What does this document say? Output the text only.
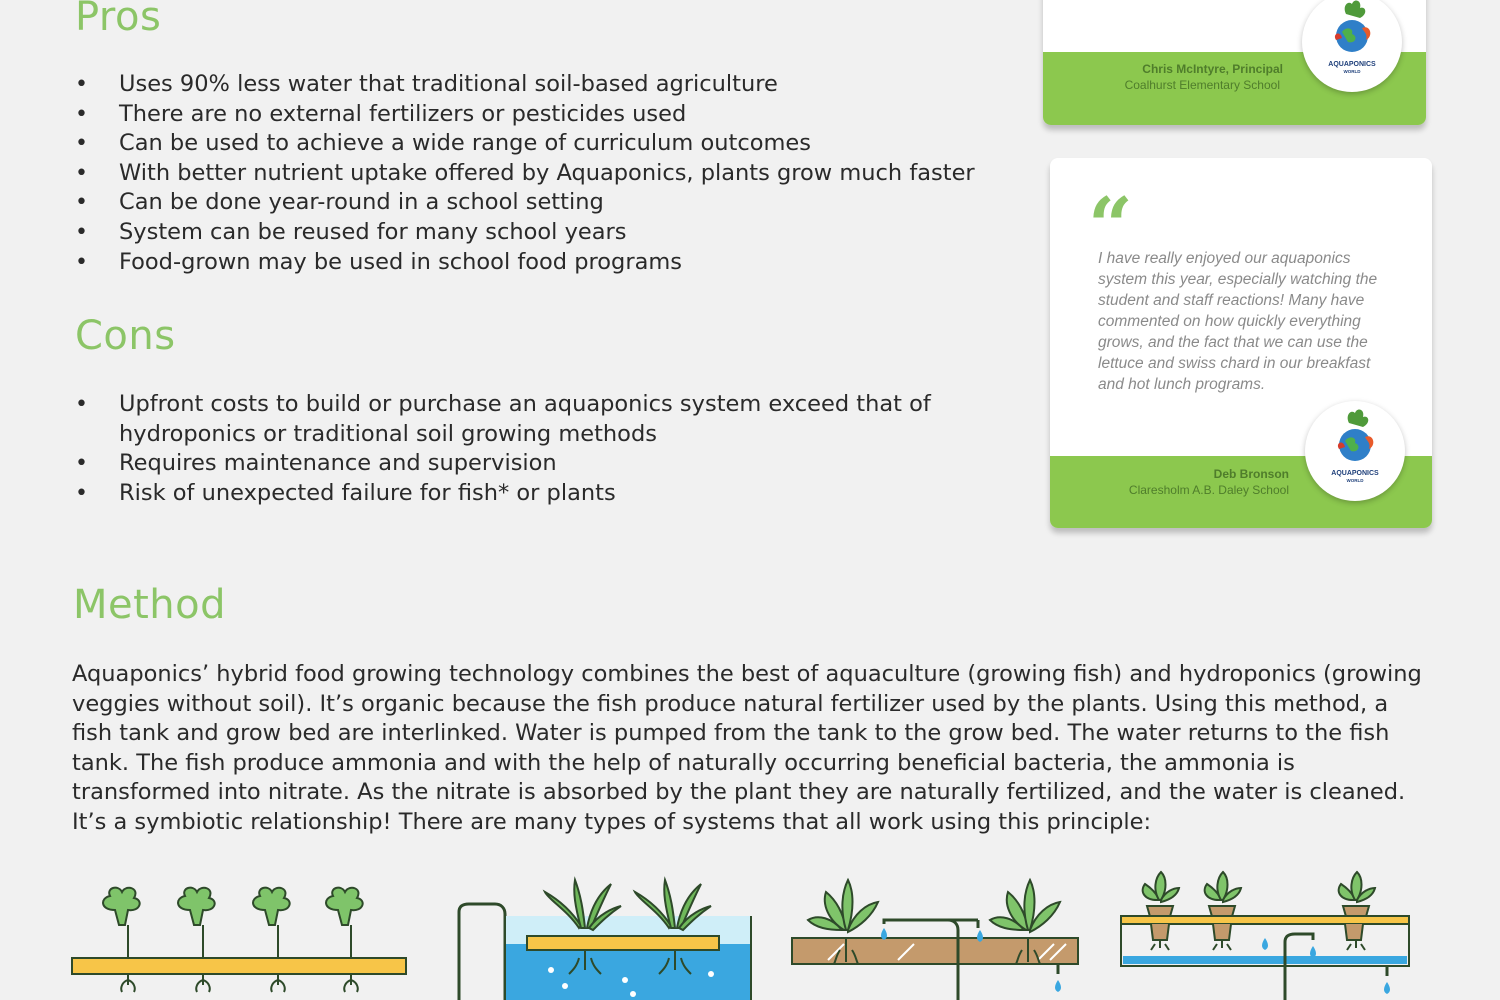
Pros
• Uses 90% less water that traditional soil-based agriculture
• There are no external fertilizers or pesticides used
• Can be used to achieve a wide range of curriculum outcomes
• With better nutrient uptake offered by Aquaponics, plants grow much faster
• Can be done year-round in a school setting
• System can be reused for many school years
• Food-grown may be used in school food programs
Cons
• Upfront costs to build or purchase an aquaponics system exceed that of hydroponics or traditional soil growing methods
• Requires maintenance and supervision
• Risk of unexpected failure for fish* or plants
Method

Aquaponics’ hybrid food growing technology combines the best of aquaculture (growing fish) and hydroponics (growing veggies without soil). It’s organic because the fish produce natural fertilizer used by the plants. Using this method, a fish tank and grow bed are interlinked. Water is pumped from the tank to the grow bed. The water returns to the fish tank. The fish produce ammonia and with the help of naturally occurring beneficial bacteria, the ammonia is transformed into nitrate. As the nitrate is absorbed by the plant they are naturally fertilized, and the water is cleaned. It’s a symbiotic relationship! There are many types of systems that all work using this principle:

Chris McIntyre, Principal
Coalhurst Elementary School
AQUAPONICS
WORLD
“

I have really enjoyed our aquaponics system this year, especially watching the student and staff reactions! Many have commented on how quickly everything grows, and the fact that we can use the lettuce and swiss chard in our breakfast and hot lunch programs.

Deb Bronson
Claresholm A.B. Daley School
AQUAPONICS
WORLD
